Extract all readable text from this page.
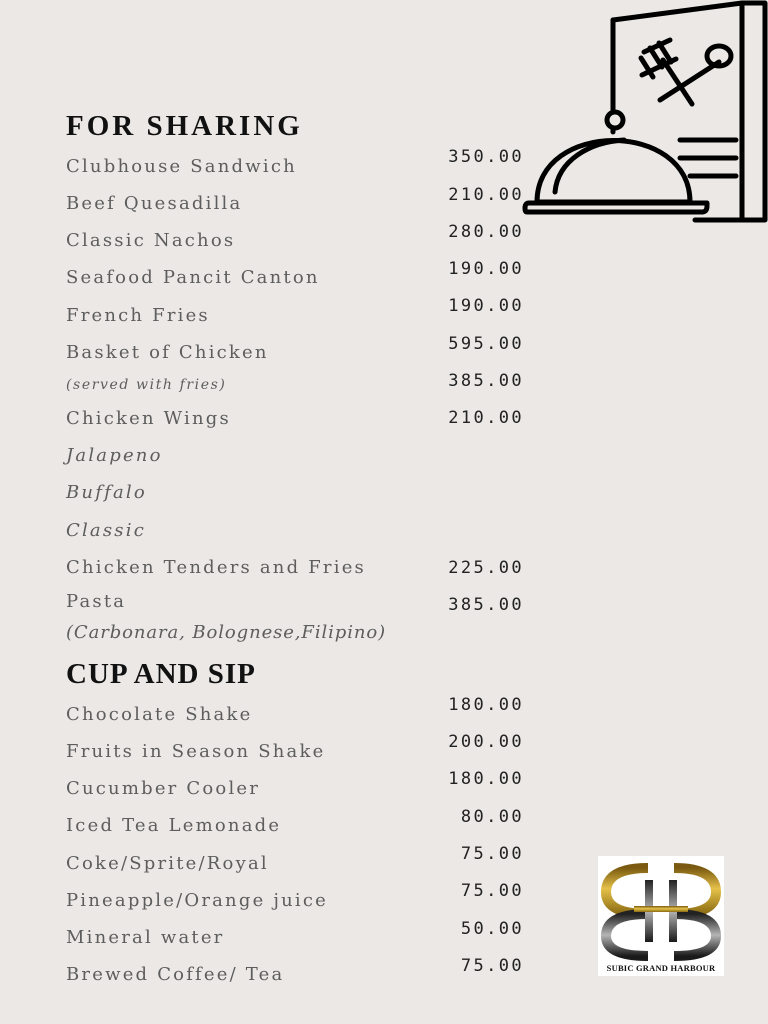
FOR SHARING

Clubhouse Sandwich

Beef Quesadilla

Classic Nachos

Seafood Pancit Canton

French Fries

Basket of Chicken

(served with fries)

Chicken Wings

Jalapeno

Buffalo

Classic

Chicken Tenders and Fries

Pasta

(Carbonara, Bolognese,Filipino)

350.00

210.00

280.00

190.00

190.00

595.00

385.00

210.00

225.00

385.00

CUP AND SIP

Chocolate Shake

Fruits in Season Shake

Cucumber Cooler

Iced Tea Lemonade

Coke/Sprite/Royal

Pineapple/Orange juice

Mineral water

Brewed Coffee/ Tea

180.00

200.00

180.00

80.00

75.00

75.00

50.00

75.00	SUBIC GRAND HARBOUR
